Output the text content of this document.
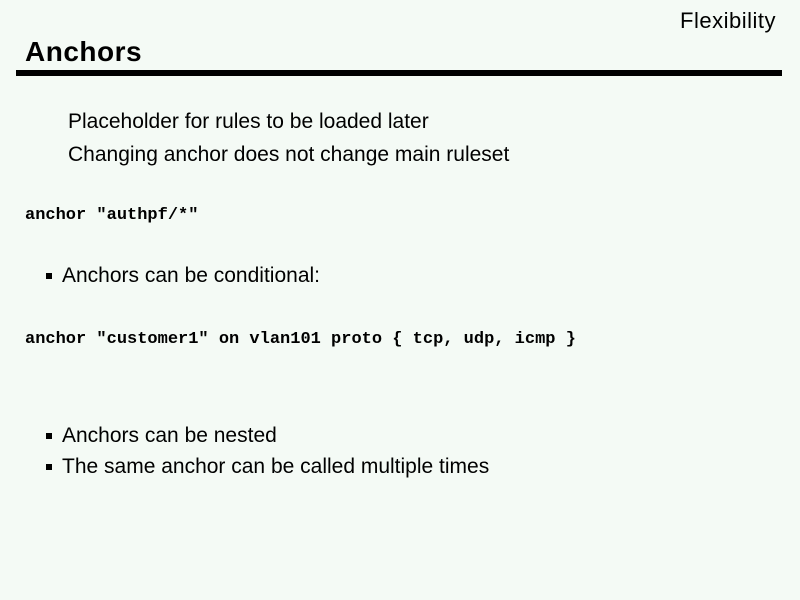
Flexibility
Anchors
Placeholder for rules to be loaded later
Changing anchor does not change main ruleset
anchor "authpf/*"
Anchors can be conditional:
anchor "customer1" on vlan101 proto { tcp, udp, icmp }
Anchors can be nested
The same anchor can be called multiple times
